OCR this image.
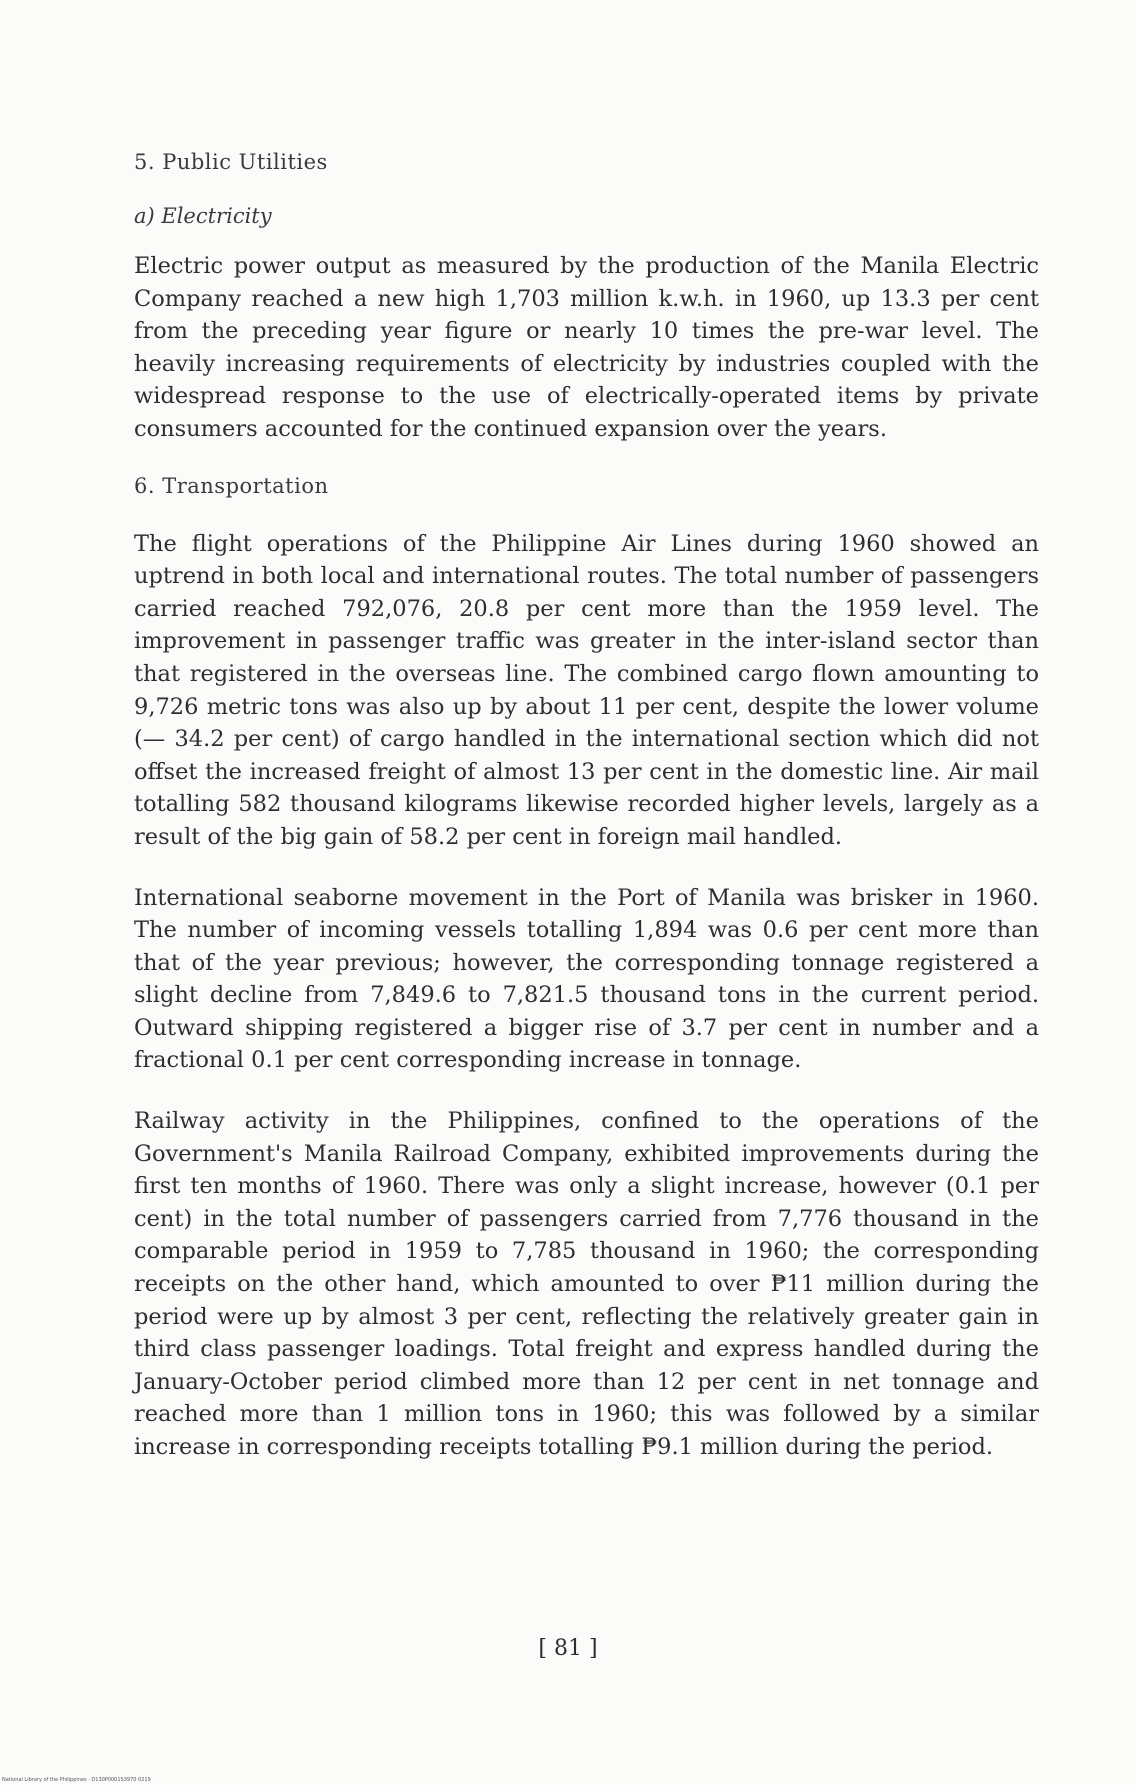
5. Public Utilities
a) Electricity

Electric power output as measured by the production of the Manila Electric Company reached a new high 1,703 million k.w.h. in 1960, up 13.3 per cent from the preceding year figure or nearly 10 times the pre-war level. The heavily increasing requirements of electricity by industries coupled with the widespread response to the use of electrically-operated items by private consumers accounted for the continued expansion over the years.

6. Transportation

The flight operations of the Philippine Air Lines during 1960 showed an uptrend in both local and international routes. The total number of passengers carried reached 792,076, 20.8 per cent more than the 1959 level. The improvement in passenger traffic was greater in the inter-island sector than that registered in the overseas line. The combined cargo flown amounting to 9,726 metric tons was also up by about 11 per cent, despite the lower volume (— 34.2 per cent) of cargo handled in the international section which did not offset the increased freight of almost 13 per cent in the domestic line. Air mail totalling 582 thousand kilograms likewise recorded higher levels, largely as a result of the big gain of 58.2 per cent in foreign mail handled.

International seaborne movement in the Port of Manila was brisker in 1960. The number of incoming vessels totalling 1,894 was 0.6 per cent more than that of the year previous; however, the corresponding tonnage registered a slight decline from 7,849.6 to 7,821.5 thousand tons in the current period. Outward shipping registered a bigger rise of 3.7 per cent in number and a fractional 0.1 per cent corresponding increase in tonnage.

Railway activity in the Philippines, confined to the operations of the Government's Manila Railroad Company, exhibited improvements during the first ten months of 1960. There was only a slight increase, however (0.1 per cent) in the total number of passengers carried from 7,776 thousand in the comparable period in 1959 to 7,785 thousand in 1960; the corresponding receipts on the other hand, which amounted to over ₱11 million during the period were up by almost 3 per cent, reflecting the relatively greater gain in third class passenger loadings. Total freight and express handled during the January-October period climbed more than 12 per cent in net tonnage and reached more than 1 million tons in 1960; this was followed by a similar increase in corresponding receipts totalling ₱9.1 million during the period.

[ 81 ]
National Library of the Philippines · D130P0001S3970 0219
